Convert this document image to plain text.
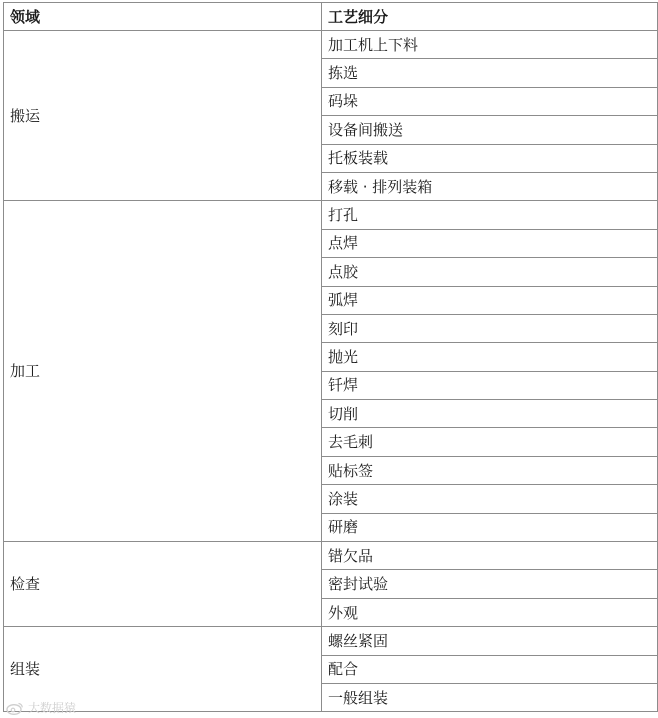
领域	工艺细分
搬运	加工机上下料
	拣选
	码垛
	设备间搬送
	托板装载
	移载 · 排列装箱
加工	打孔
	点焊
	点胶
	弧焊
	刻印
	抛光
	钎焊
	切削
	去毛刺
	贴标签
	涂装
	研磨
检查	错欠品
	密封试验
	外观
组装	螺丝紧固
	配合
	一般组装
大数据猿
